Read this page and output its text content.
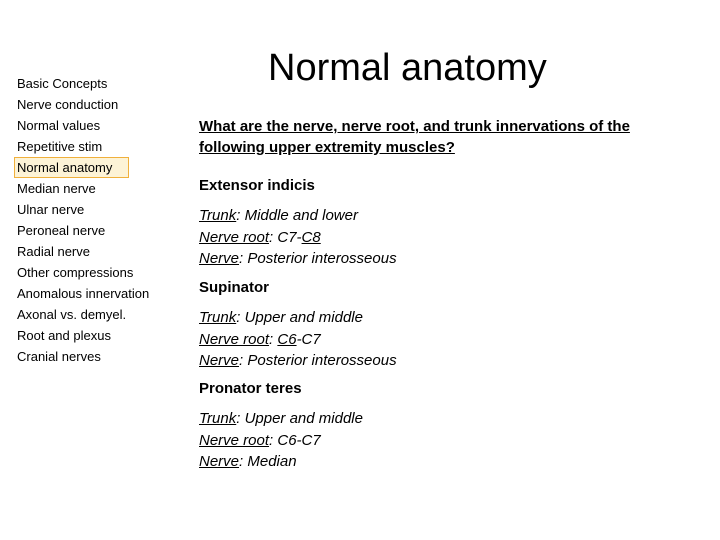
Basic Concepts
Nerve conduction
Normal values
Repetitive stim
Normal anatomy
Median nerve
Ulnar nerve
Peroneal nerve
Radial nerve
Other compressions
Anomalous innervation
Axonal vs. demyel.
Root and plexus
Cranial nerves
Normal anatomy
What are the nerve, nerve root, and trunk innervations of the following upper extremity muscles?
Extensor indicis
Trunk: Middle and lower
Nerve root: C7-C8
Nerve: Posterior interosseous
Supinator
Trunk: Upper and middle
Nerve root: C6-C7
Nerve: Posterior interosseous
Pronator teres
Trunk: Upper and middle
Nerve root: C6-C7
Nerve: Median
